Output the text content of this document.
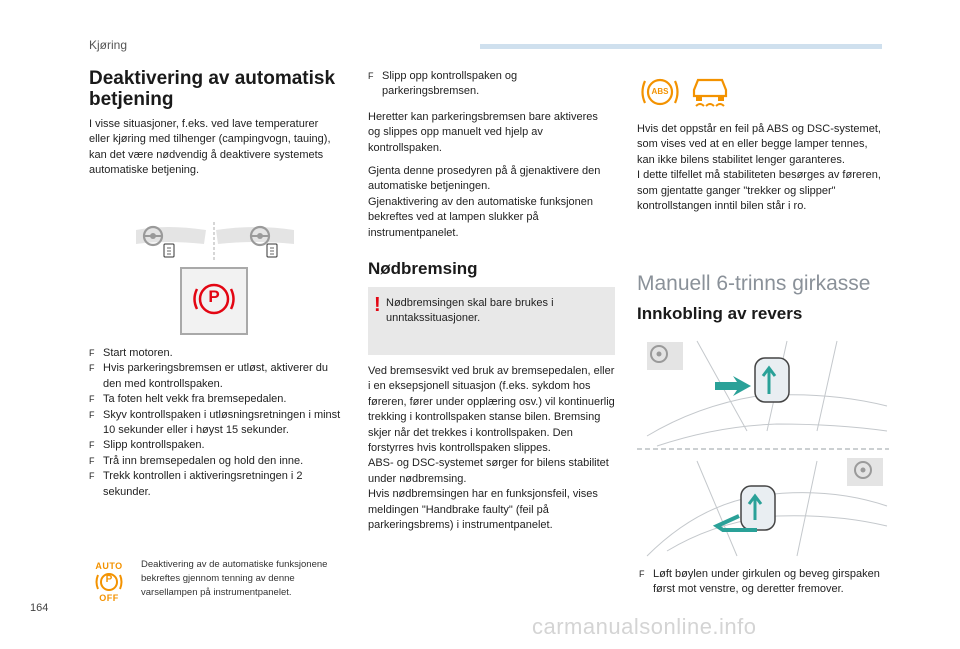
Kjøring
Deaktivering av automatisk
betjening

I visse situasjoner, f.eks. ved lave temperaturer eller kjøring med tilhenger (campingvogn, tauing), kan det være nødvendig å deaktivere systemets automatiske betjening.

P
F Start motoren.
F Hvis parkeringsbremsen er utløst, aktiverer du den med kontrollspaken.
F Ta foten helt vekk fra bremsepedalen.
F Skyv kontrollspaken i utløsningsretningen i minst 10 sekunder eller i høyst 15 sekunder.
F Slipp kontrollspaken.
F Trå inn bremsepedalen og hold den inne.
F Trekk kontrollen i aktiveringsretningen i 2 sekunder.
AUTO
P
OFF

Deaktivering av de automatiske funksjonene bekreftes gjennom tenning av denne varsellampen på instrumentpanelet.

F Slipp opp kontrollspaken og parkeringsbremsen.

Heretter kan parkeringsbremsen bare aktiveres og slippes opp manuelt ved hjelp av kontrollspaken.

Gjenta denne prosedyren på å gjenaktivere den automatiske betjeningen.
Gjenaktivering av den automatiske funksjonen bekreftes ved at lampen slukker på instrumentpanelet.

Nødbremsing
! Nødbremsingen skal bare brukes i unntakssituasjoner.

Ved bremsesvikt ved bruk av bremsepedalen, eller i en eksepsjonell situasjon (f.eks. sykdom hos føreren, fører under opplæring osv.) vil kontinuerlig trekking i kontrollspaken stanse bilen. Bremsing skjer når det trekkes i kontrollspaken. Den forstyrres hvis kontrollspaken slippes.
ABS- og DSC-systemet sørger for bilens stabilitet under nødbremsing.
Hvis nødbremsingen har en funksjonsfeil, vises meldingen "Handbrake faulty" (feil på parkeringsbrems) i instrumentpanelet.

ABS

Hvis det oppstår en feil på ABS og DSC-systemet, som vises ved at en eller begge lamper tennes, kan ikke bilens stabilitet lenger garanteres.
I dette tilfellet må stabiliteten besørges av føreren, som gjentatte ganger "trekker og slipper" kontrollstangen inntil bilen står i ro.

Manuell 6-trinns girkasse
Innkobling av revers
F Løft bøylen under girkulen og beveg girspaken først mot venstre, og deretter fremover.
164
carmanualsonline.info
